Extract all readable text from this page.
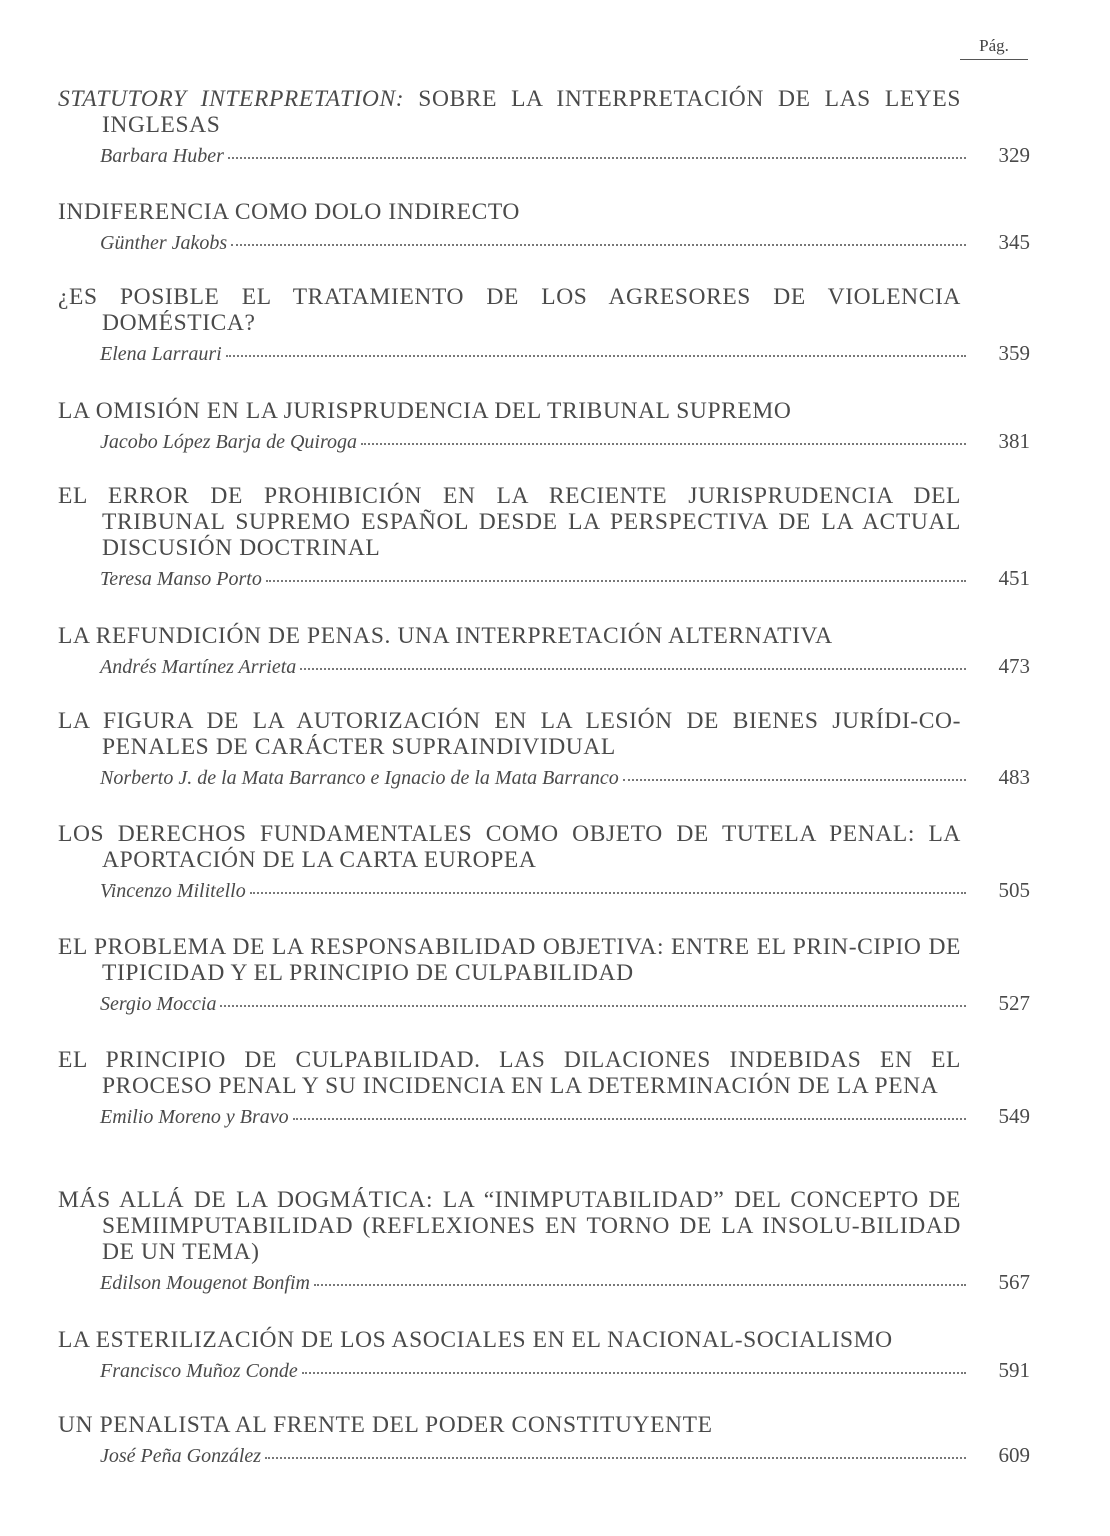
Pág.
STATUTORY INTERPRETATION: SOBRE LA INTERPRETACIÓN DE LAS LEYES INGLESAS
Barbara Huber	329
INDIFERENCIA COMO DOLO INDIRECTO
Günther Jakobs	345
¿ES POSIBLE EL TRATAMIENTO DE LOS AGRESORES DE VIOLENCIA DOMÉSTICA?
Elena Larrauri	359
LA OMISIÓN EN LA JURISPRUDENCIA DEL TRIBUNAL SUPREMO
Jacobo López Barja de Quiroga	381
EL ERROR DE PROHIBICIÓN EN LA RECIENTE JURISPRUDENCIA DEL TRIBUNAL SUPREMO ESPAÑOL DESDE LA PERSPECTIVA DE LA ACTUAL DISCUSIÓN DOCTRINAL
Teresa Manso Porto	451
LA REFUNDICIÓN DE PENAS. UNA INTERPRETACIÓN ALTERNATIVA
Andrés Martínez Arrieta	473
LA FIGURA DE LA AUTORIZACIÓN EN LA LESIÓN DE BIENES JURÍDI-CO-PENALES DE CARÁCTER SUPRAINDIVIDUAL
Norberto J. de la Mata Barranco e Ignacio de la Mata Barranco	483
LOS DERECHOS FUNDAMENTALES COMO OBJETO DE TUTELA PENAL: LA APORTACIÓN DE LA CARTA EUROPEA
Vincenzo Militello	505
EL PROBLEMA DE LA RESPONSABILIDAD OBJETIVA: ENTRE EL PRIN-CIPIO DE TIPICIDAD Y EL PRINCIPIO DE CULPABILIDAD
Sergio Moccia	527
EL PRINCIPIO DE CULPABILIDAD. LAS DILACIONES INDEBIDAS EN EL PROCESO PENAL Y SU INCIDENCIA EN LA DETERMINACIÓN DE LA PENA
Emilio Moreno y Bravo	549
MÁS ALLÁ DE LA DOGMÁTICA: LA “INIMPUTABILIDAD” DEL CONCEPTO DE SEMIIMPUTABILIDAD (REFLEXIONES EN TORNO DE LA INSOLU-BILIDAD DE UN TEMA)
Edilson Mougenot Bonfim	567
LA ESTERILIZACIÓN DE LOS ASOCIALES EN EL NACIONAL-SOCIALISMO
Francisco Muñoz Conde	591
UN PENALISTA AL FRENTE DEL PODER CONSTITUYENTE
José Peña González	609
